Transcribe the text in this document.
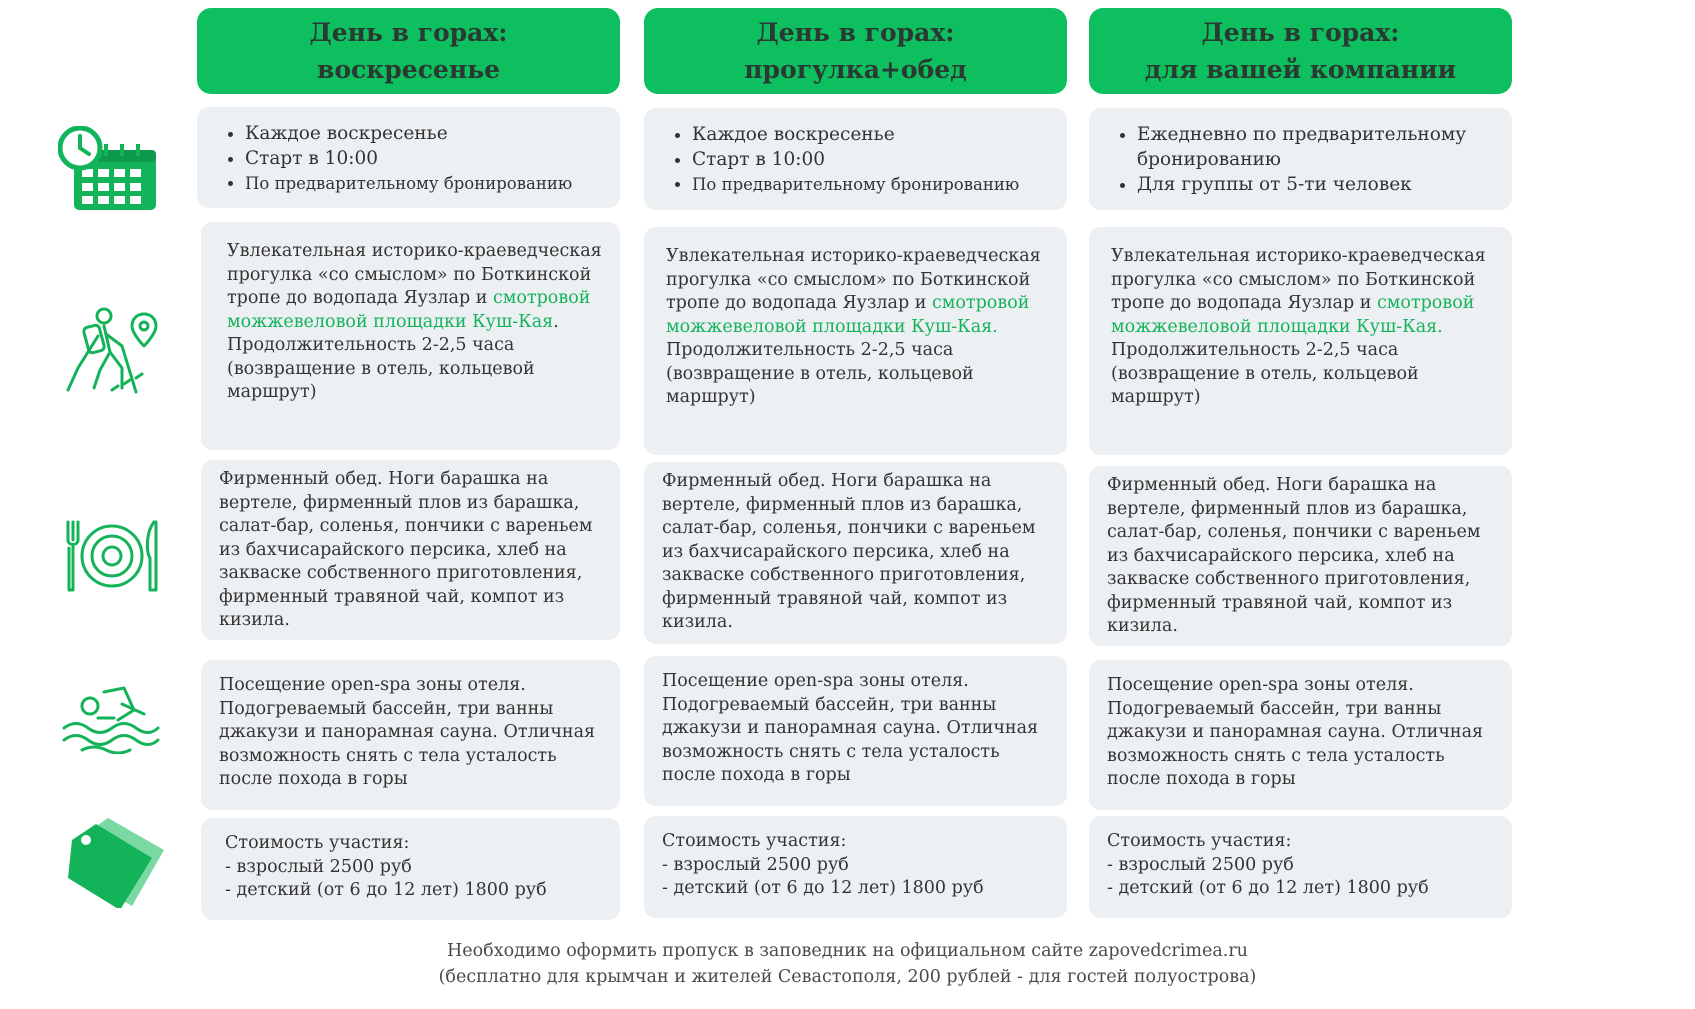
День в горах:
воскресенье
• Каждое воскресенье
• Старт в 10:00
• По предварительному бронированию
Увлекательная историко-краеведческая прогулка «со смыслом» по Боткинской тропе до водопада Яузлар и смотровой можжевеловой площадки Куш-Кая.
Продолжительность 2-2,5 часа (возвращение в отель, кольцевой маршрут)
Фирменный обед. Ноги барашка на вертеле, фирменный плов из барашка, салат-бар, соленья, пончики с вареньем из бахчисарайского персика, хлеб на закваске собственного приготовления, фирменный травяной чай, компот из кизила.
Посещение open-spa зоны отеля. Подогреваемый бассейн, три ванны джакузи и панорамная сауна. Отличная возможность снять с тела усталость после похода в горы
Стоимость участия:
- взрослый 2500 руб
- детский (от 6 до 12 лет) 1800 руб
День в горах:
прогулка+обед
• Каждое воскресенье
• Старт в 10:00
• По предварительному бронированию
Увлекательная историко-краеведческая прогулка «со смыслом» по Боткинской тропе до водопада Яузлар и смотровой можжевеловой площадки Куш-Кая.
Продолжительность 2-2,5 часа (возвращение в отель, кольцевой маршрут)
Фирменный обед. Ноги барашка на вертеле, фирменный плов из барашка, салат-бар, соленья, пончики с вареньем из бахчисарайского персика, хлеб на закваске собственного приготовления, фирменный травяной чай, компот из кизила.
Посещение open-spa зоны отеля. Подогреваемый бассейн, три ванны джакузи и панорамная сауна. Отличная возможность снять с тела усталость после похода в горы
Стоимость участия:
- взрослый 2500 руб
- детский (от 6 до 12 лет) 1800 руб
День в горах:
для вашей компании
• Ежедневно по предварительному бронированию
• Для группы от 5-ти человек
Увлекательная историко-краеведческая прогулка «со смыслом» по Боткинской тропе до водопада Яузлар и смотровой можжевеловой площадки Куш-Кая.
Продолжительность 2-2,5 часа (возвращение в отель, кольцевой маршрут)
Фирменный обед. Ноги барашка на вертеле, фирменный плов из барашка, салат-бар, соленья, пончики с вареньем из бахчисарайского персика, хлеб на закваске собственного приготовления, фирменный травяной чай, компот из кизила.
Посещение open-spa зоны отеля. Подогреваемый бассейн, три ванны джакузи и панорамная сауна. Отличная возможность снять с тела усталость после похода в горы
Стоимость участия:
- взрослый 2500 руб
- детский (от 6 до 12 лет) 1800 руб
Необходимо оформить пропуск в заповедник на официальном сайте zapovedcrimea.ru
(бесплатно для крымчан и жителей Севастополя, 200 рублей - для гостей полуострова)
